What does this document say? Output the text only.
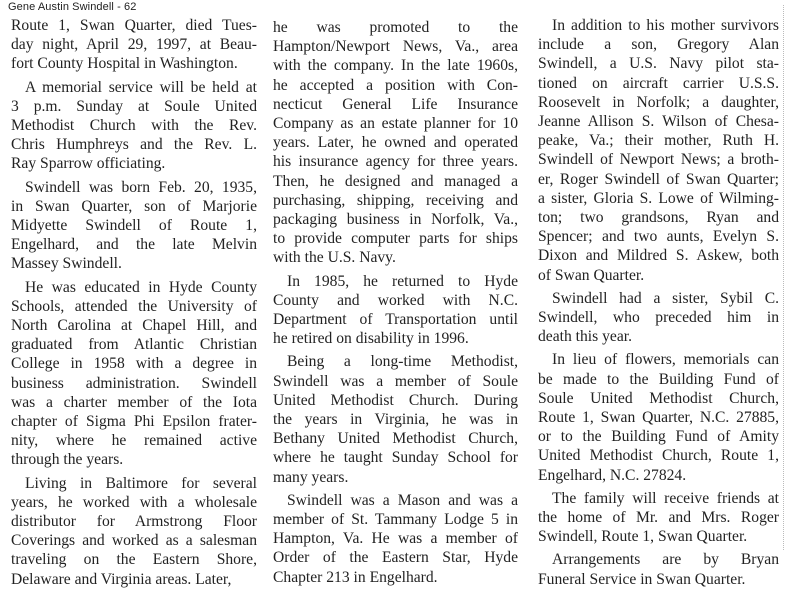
Gene Austin Swindell - 62
Route 1, Swan Quarter, died Tues-
day night, April 29, 1997, at Beau-
fort County Hospital in Washington.
A memorial service will be held at
3 p.m. Sunday at Soule United
Methodist Church with the Rev.
Chris Humphreys and the Rev. L.
Ray Sparrow officiating.
Swindell was born Feb. 20, 1935,
in Swan Quarter, son of Marjorie
Midyette Swindell of Route 1,
Engelhard, and the late Melvin
Massey Swindell.
He was educated in Hyde County
Schools, attended the University of
North Carolina at Chapel Hill, and
graduated from Atlantic Christian
College in 1958 with a degree in
business administration. Swindell
was a charter member of the Iota
chapter of Sigma Phi Epsilon frater-
nity, where he remained active
through the years.
Living in Baltimore for several
years, he worked with a wholesale
distributor for Armstrong Floor
Coverings and worked as a salesman
traveling on the Eastern Shore,
Delaware and Virginia areas. Later,
he was promoted to the
Hampton/Newport News, Va., area
with the company. In the late 1960s,
he accepted a position with Con-
necticut General Life Insurance
Company as an estate planner for 10
years. Later, he owned and operated
his insurance agency for three years.
Then, he designed and managed a
purchasing, shipping, receiving and
packaging business in Norfolk, Va.,
to provide computer parts for ships
with the U.S. Navy.
In 1985, he returned to Hyde
County and worked with N.C.
Department of Transportation until
he retired on disability in 1996.
Being a long-time Methodist,
Swindell was a member of Soule
United Methodist Church. During
the years in Virginia, he was in
Bethany United Methodist Church,
where he taught Sunday School for
many years.
Swindell was a Mason and was a
member of St. Tammany Lodge 5 in
Hampton, Va. He was a member of
Order of the Eastern Star, Hyde
Chapter 213 in Engelhard.
In addition to his mother survivors
include a son, Gregory Alan
Swindell, a U.S. Navy pilot sta-
tioned on aircraft carrier U.S.S.
Roosevelt in Norfolk; a daughter,
Jeanne Allison S. Wilson of Chesa-
peake, Va.; their mother, Ruth H.
Swindell of Newport News; a broth-
er, Roger Swindell of Swan Quarter;
a sister, Gloria S. Lowe of Wilming-
ton; two grandsons, Ryan and
Spencer; and two aunts, Evelyn S.
Dixon and Mildred S. Askew, both
of Swan Quarter.
Swindell had a sister, Sybil C.
Swindell, who preceded him in
death this year.
In lieu of flowers, memorials can
be made to the Building Fund of
Soule United Methodist Church,
Route 1, Swan Quarter, N.C. 27885,
or to the Building Fund of Amity
United Methodist Church, Route 1,
Engelhard, N.C. 27824.
The family will receive friends at
the home of Mr. and Mrs. Roger
Swindell, Route 1, Swan Quarter.
Arrangements are by Bryan
Funeral Service in Swan Quarter.
